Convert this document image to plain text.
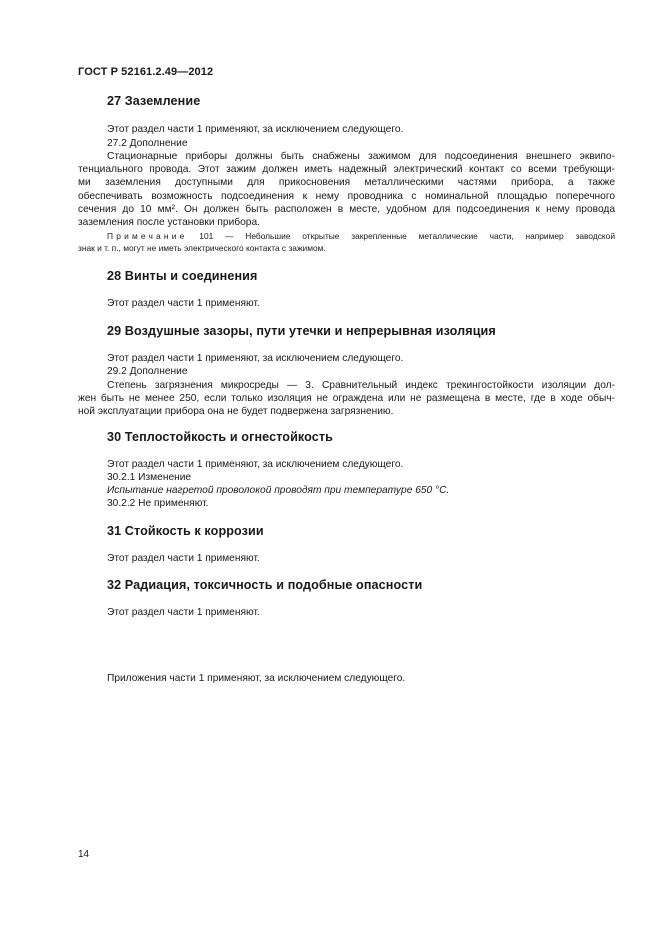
ГОСТ Р 52161.2.49—2012
27 Заземление
Этот раздел части 1 применяют, за исключением следующего.
27.2 Дополнение
Стационарные приборы должны быть снабжены зажимом для подсоединения внешнего эквипо-
тенциального провода. Этот зажим должен иметь надежный электрический контакт со всеми требующи-
ми заземления доступными для прикосновения металлическими частями прибора, а также
обеспечивать возможность подсоединения к нему проводника с номинальной площадью поперечного
сечения до 10 мм². Он должен быть расположен в месте, удобном для подсоединения к нему провода
заземления после установки прибора.
Примечание 101 — Небольшие открытые закрепленные металлические части, например заводской
знак и т. п., могут не иметь электрического контакта с зажимом.
28 Винты и соединения
Этот раздел части 1 применяют.
29 Воздушные зазоры, пути утечки и непрерывная изоляция
Этот раздел части 1 применяют, за исключением следующего.
29.2 Дополнение
Степень загрязнения микросреды — 3. Сравнительный индекс трекингостойкости изоляции дол-
жен быть не менее 250, если только изоляция не ограждена или не размещена в месте, где в ходе обыч-
ной эксплуатации прибора она не будет подвержена загрязнению.
30 Теплостойкость и огнестойкость
Этот раздел части 1 применяют, за исключением следующего.
30.2.1 Изменение
Испытание нагретой проволокой проводят при температуре 650 °С.
30.2.2 Не применяют.
31 Стойкость к коррозии
Этот раздел части 1 применяют.
32 Радиация, токсичность и подобные опасности
Этот раздел части 1 применяют.
Приложения части 1 применяют, за исключением следующего.
14
